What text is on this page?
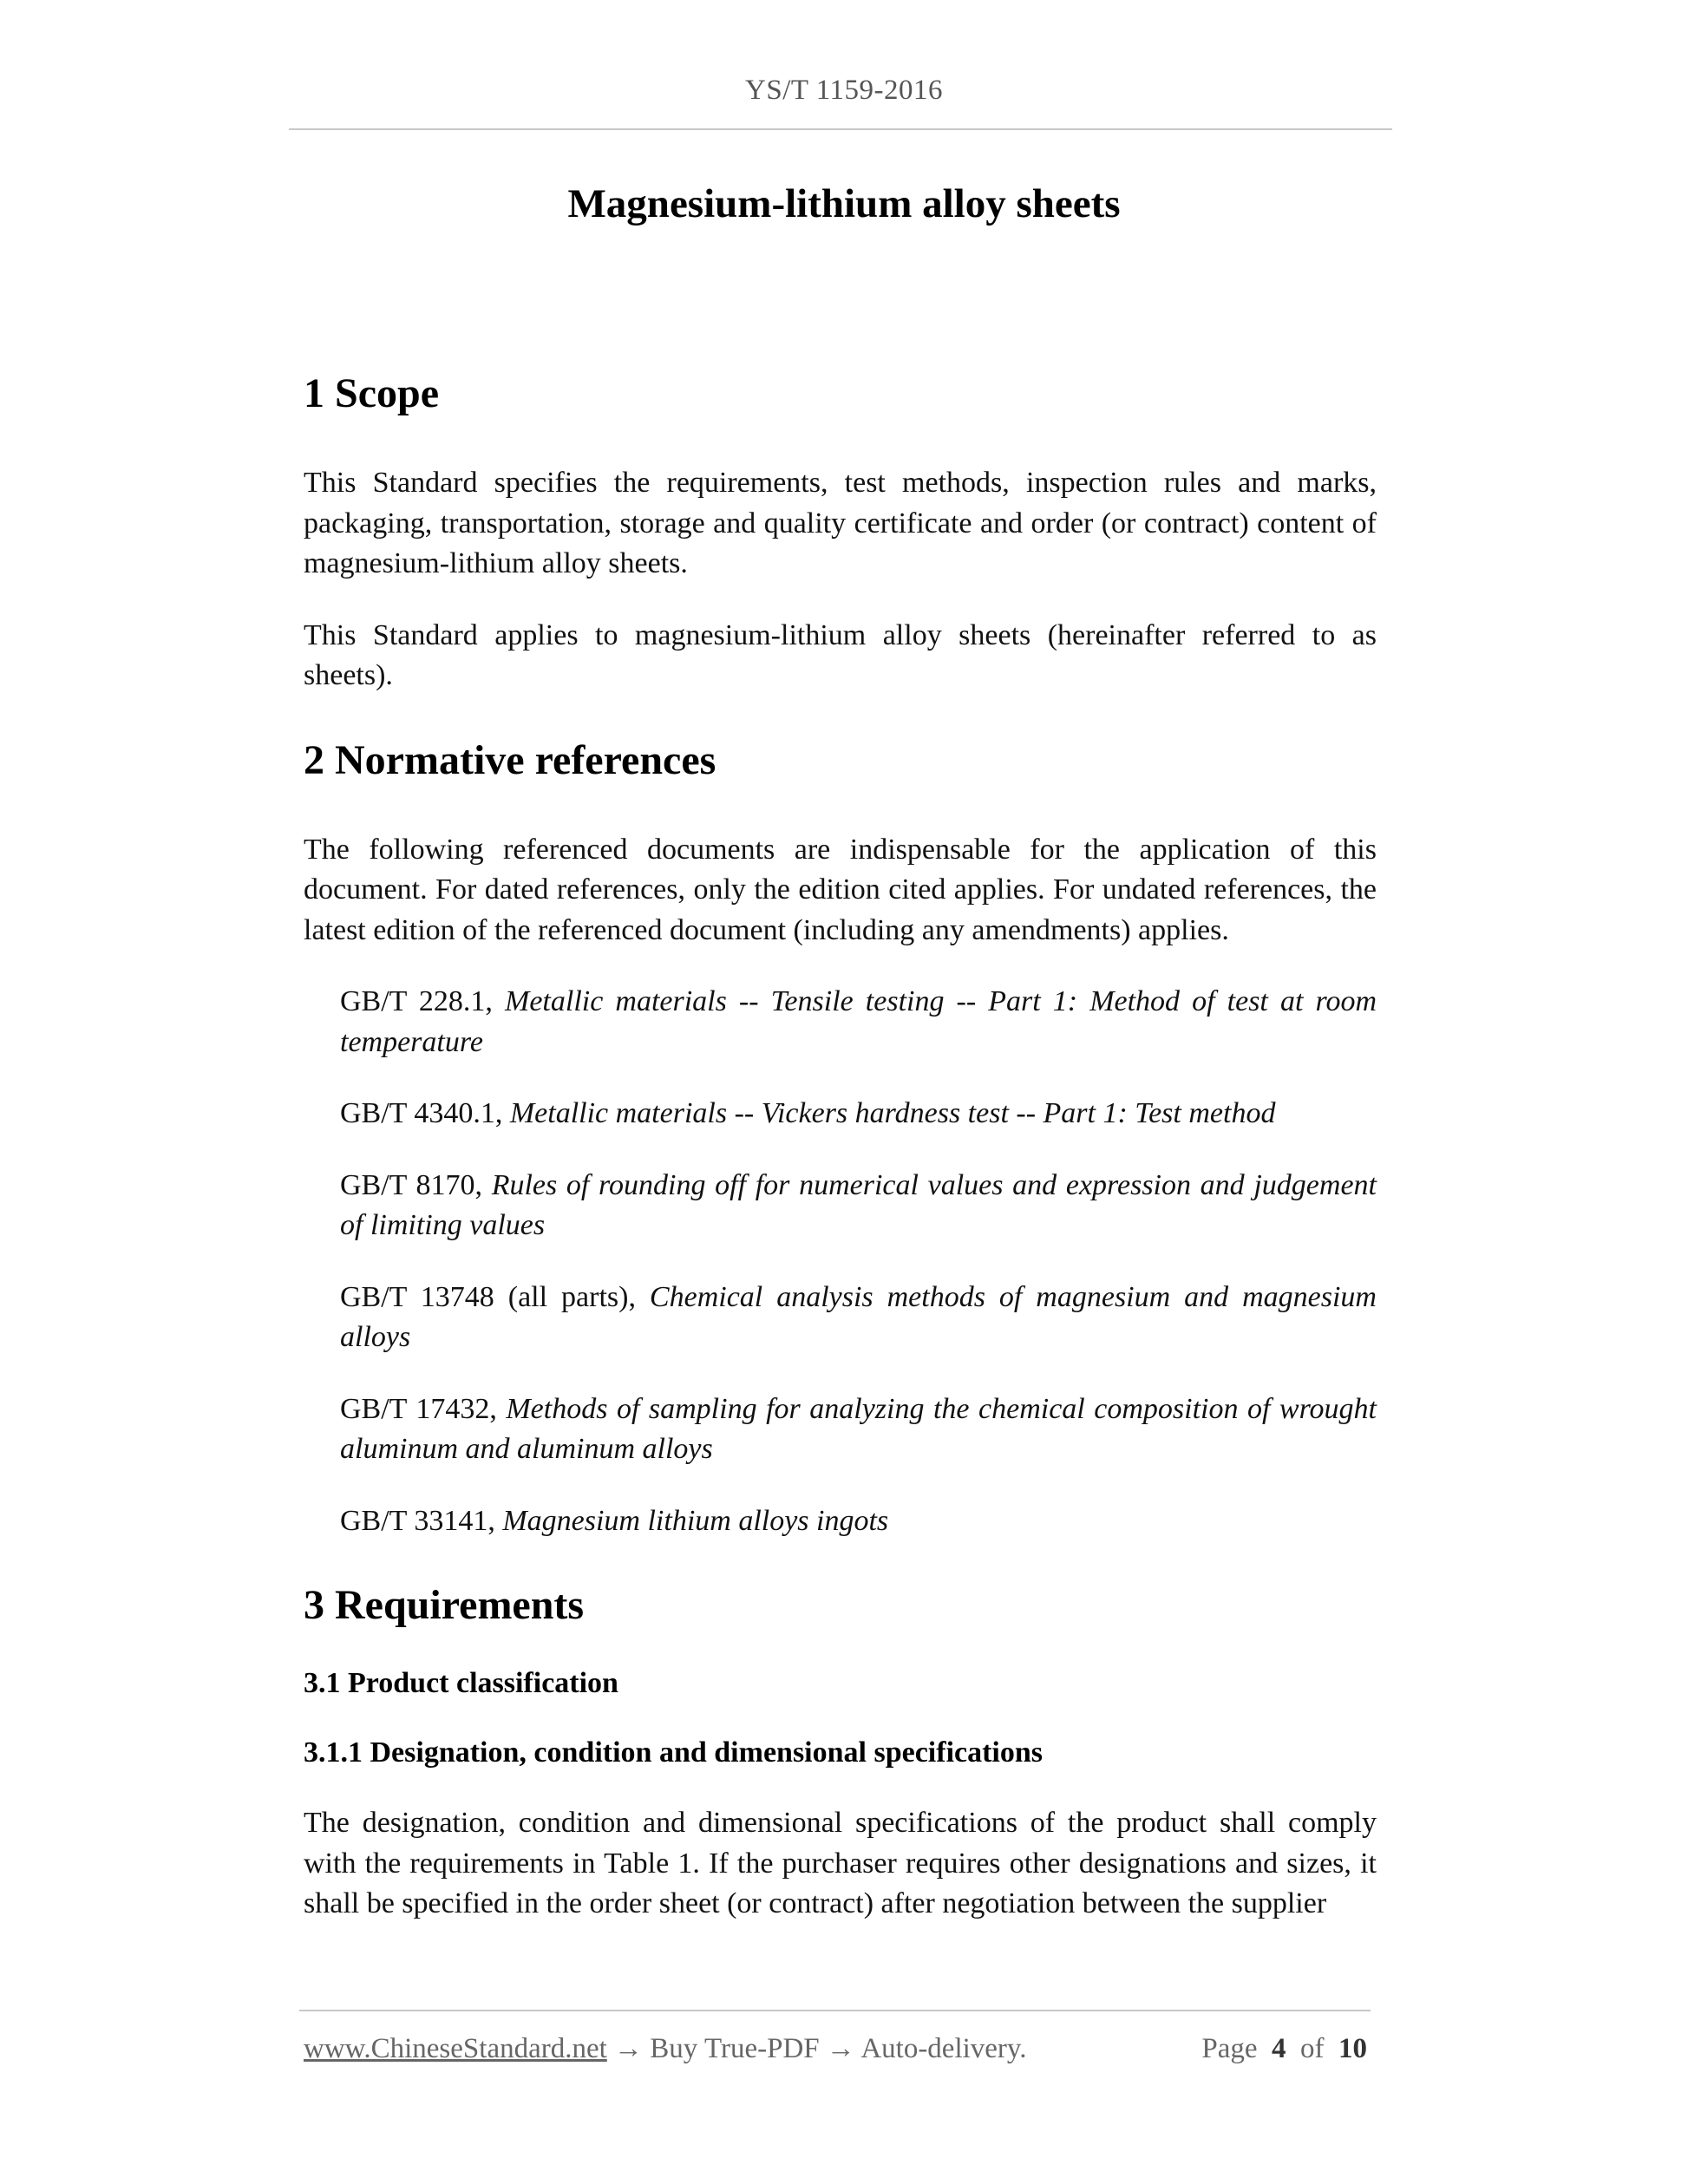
YS/T 1159-2016
Magnesium-lithium alloy sheets
1 Scope

This Standard specifies the requirements, test methods, inspection rules and marks, packaging, transportation, storage and quality certificate and order (or contract) content of magnesium-lithium alloy sheets.

This Standard applies to magnesium-lithium alloy sheets (hereinafter referred to as sheets).

2 Normative references

The following referenced documents are indispensable for the application of this document. For dated references, only the edition cited applies. For undated references, the latest edition of the referenced document (including any amendments) applies.

GB/T 228.1, Metallic materials -- Tensile testing -- Part 1: Method of test at room temperature

GB/T 4340.1, Metallic materials -- Vickers hardness test -- Part 1: Test method

GB/T 8170, Rules of rounding off for numerical values and expression and judgement of limiting values

GB/T 13748 (all parts), Chemical analysis methods of magnesium and magnesium alloys

GB/T 17432, Methods of sampling for analyzing the chemical composition of wrought aluminum and aluminum alloys

GB/T 33141, Magnesium lithium alloys ingots

3 Requirements
3.1 Product classification
3.1.1 Designation, condition and dimensional specifications

The designation, condition and dimensional specifications of the product shall comply with the requirements in Table 1. If the purchaser requires other designations and sizes, it shall be specified in the order sheet (or contract) after negotiation between the supplier

www.ChineseStandard.net → Buy True-PDF → Auto-delivery.	Page 4 of 10
